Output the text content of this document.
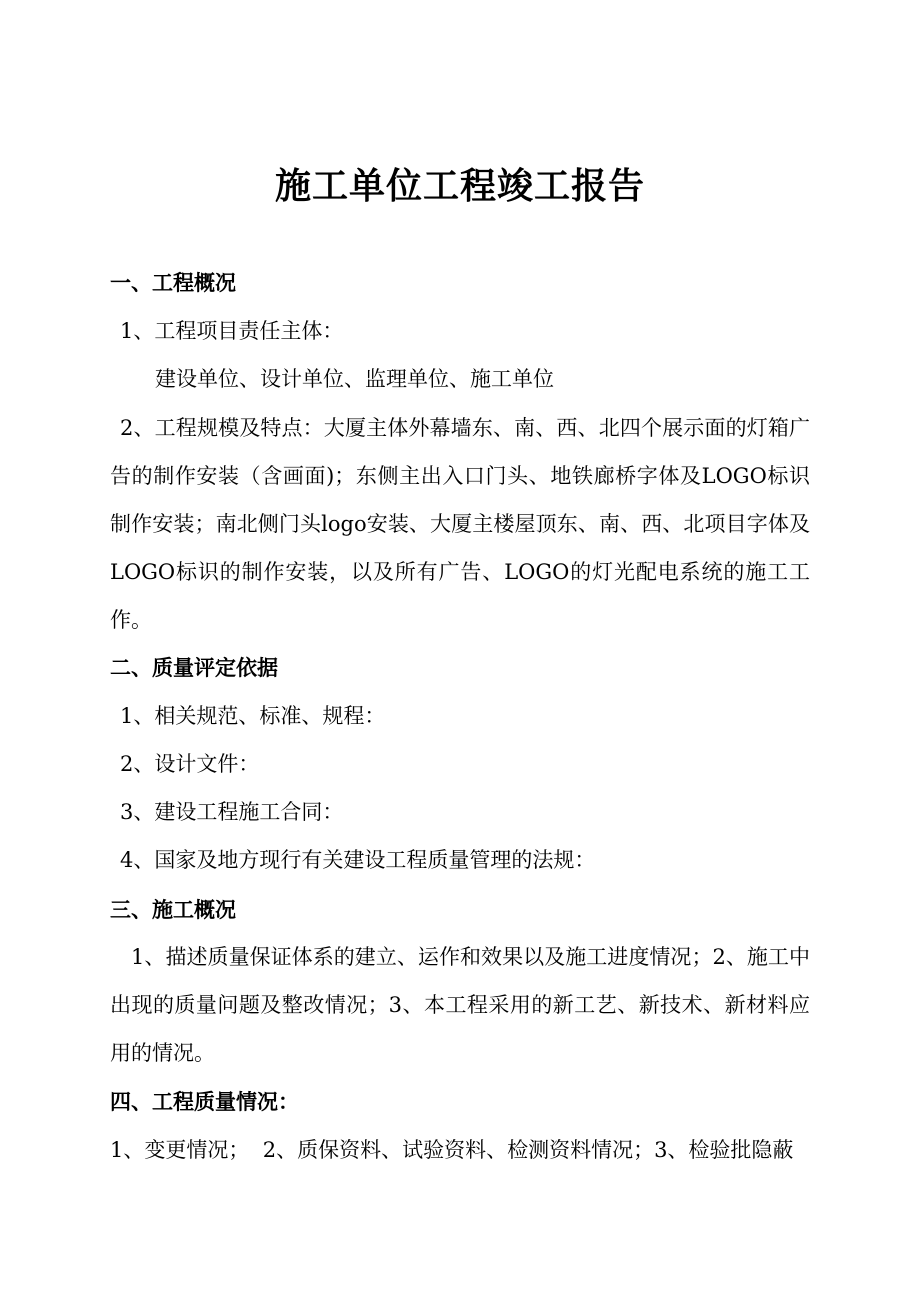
施工单位工程竣工报告
一、工程概况
1、工程项目责任主体：
建设单位、设计单位、监理单位、施工单位
2、工程规模及特点：大厦主体外幕墙东、南、西、北四个展示面的灯箱广告的制作安装（含画面)；东侧主出入口门头、地铁廊桥字体及LOGO标识制作安装；南北侧门头logo安装、大厦主楼屋顶东、南、西、北项目字体及LOGO标识的制作安装，以及所有广告、LOGO的灯光配电系统的施工工作。
二、质量评定依据
1、相关规范、标准、规程：
2、设计文件：
3、建设工程施工合同：
4、国家及地方现行有关建设工程质量管理的法规：
三、施工概况
1、描述质量保证体系的建立、运作和效果以及施工进度情况；2、施工中出现的质量问题及整改情况；3、本工程采用的新工艺、新技术、新材料应用的情况。
四、工程质量情况：
1、变更情况；  2、质保资料、试验资料、检测资料情况；3、检验批隐蔽
